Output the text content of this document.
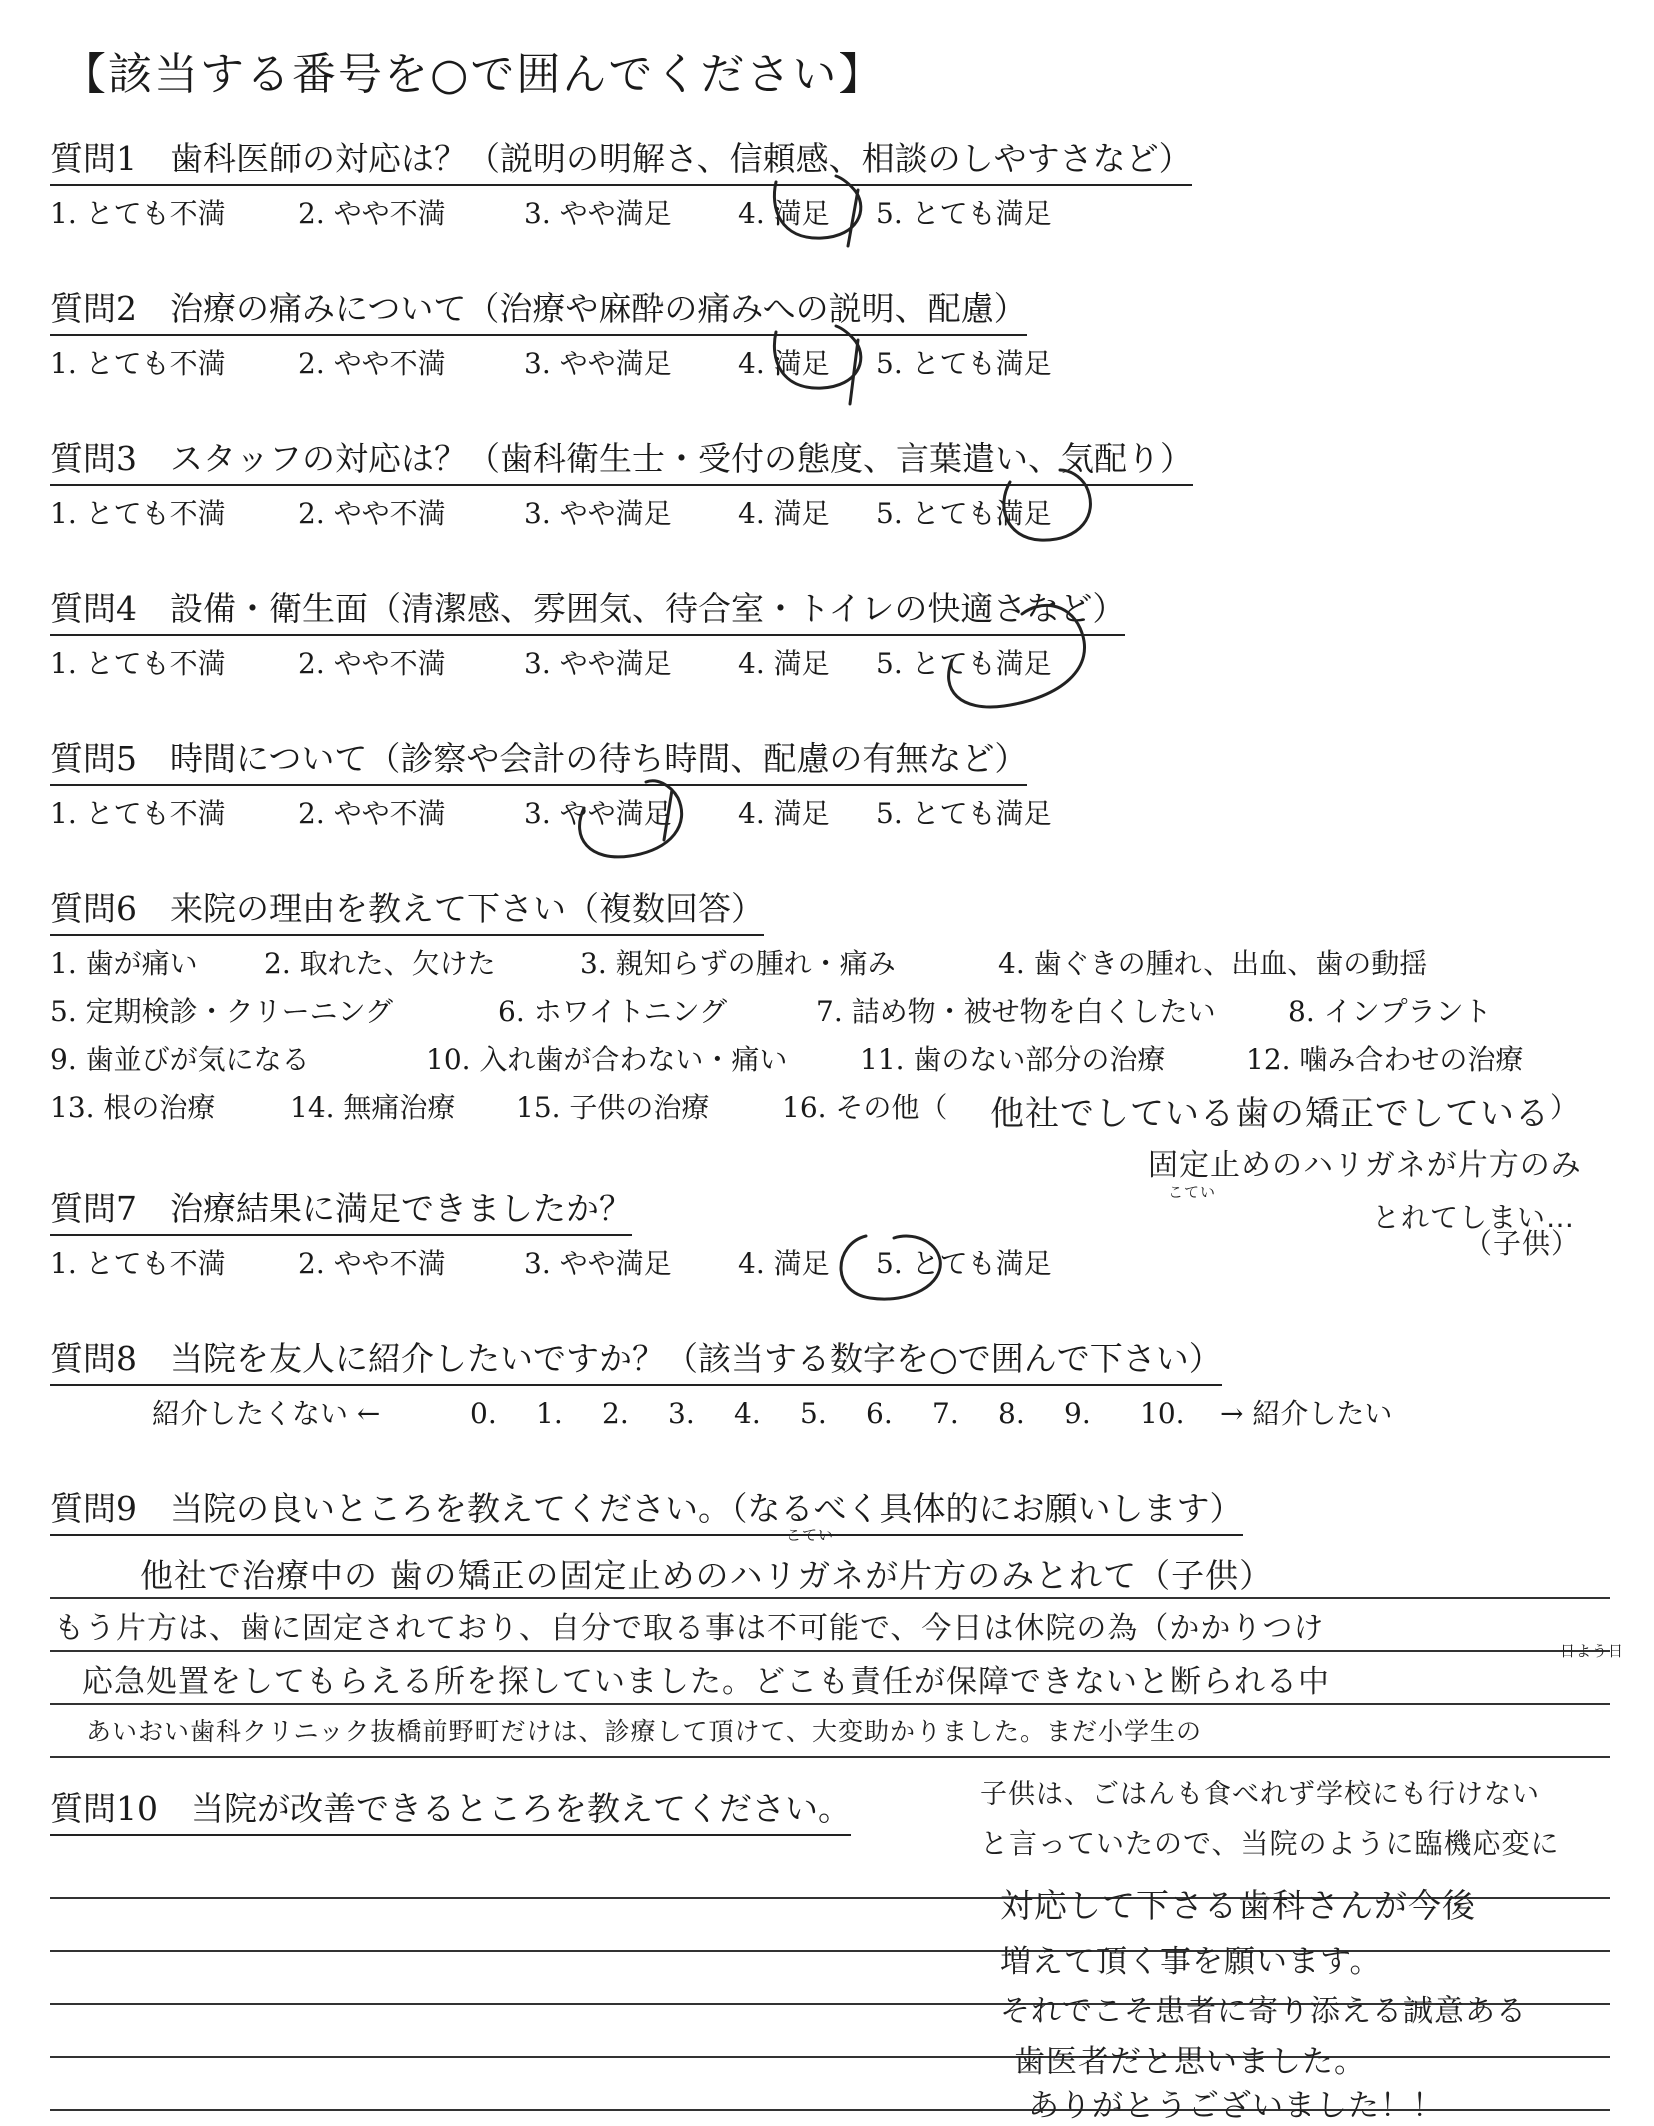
【該当する番号を○で囲んでください】
質問1　歯科医師の対応は？（説明の明解さ、信頼感、相談のしやすさなど）
1. とても不満	2. やや不満	3. やや満足 4. 満足 5. とても満足
質問2　治療の痛みについて（治療や麻酔の痛みへの説明、配慮）
1. とても不満	2. やや不満	3. やや満足 4. 満足 5. とても満足
質問3　スタッフの対応は？（歯科衛生士・受付の態度、言葉遣い、気配り）
1. とても不満	2. やや不満	3. やや満足 4. 満足 5. とても満足
質問4　設備・衛生面（清潔感、雰囲気、待合室・トイレの快適さなど）
1. とても不満	2. やや不満	3. やや満足 4. 満足 5. とても満足
質問5　時間について（診察や会計の待ち時間、配慮の有無など）
1. とても不満	2. やや不満	3. やや満足 4. 満足 5. とても満足
質問6　来院の理由を教えて下さい（複数回答）
1. 歯が痛い 2. 取れた、欠けた	3. 親知らずの腫れ・痛み	4. 歯ぐきの腫れ、出血、歯の動揺
5. 定期検診・クリーニング	6. ホワイトニング	7. 詰め物・被せ物を白くしたい	8. インプラント
9. 歯並びが気になる	10. 入れ歯が合わない・痛い	11. 歯のない部分の治療	12. 噛み合わせの治療
13. 根の治療	14. 無痛治療 15. 子供の治療	16. その他（	）
他社でしている歯の矯正でしている
こてい
固定止めのハリガネが片方のみ
とれてしまい…
（子供）
質問7　治療結果に満足できましたか？
1. とても不満	2. やや不満	3. やや満足 4. 満足 5. とても満足
質問8　当院を友人に紹介したいですか？（該当する数字を○で囲んで下さい）
紹介したくない ←	0. 1. 2. 3. 4. 5. 6. 7. 8. 9. 10. → 紹介したい
質問9　当院の良いところを教えてください。（なるべく具体的にお願いします）
こてい
他社で治療中の 歯の矯正の固定止めのハリガネが片方のみとれて（子供）
もう片方は、歯に固定されており、自分で取る事は不可能で、今日は休院の為（かかりつけ
応急処置をしてもらえる所を探していました。どこも責任が保障できないと断られる中
日よう日
あいおい歯科クリニック抜橋前野町だけは、診療して頂けて、大変助かりました。まだ小学生の
質問10　当院が改善できるところを教えてください。	子供は、ごはんも食べれず学校にも行けない
と言っていたので、当院のように臨機応変に
対応して下さる歯科さんが今後
増えて頂く事を願います。
それでこそ患者に寄り添える誠意ある
歯医者だと思いました。
ありがとうございました！！
